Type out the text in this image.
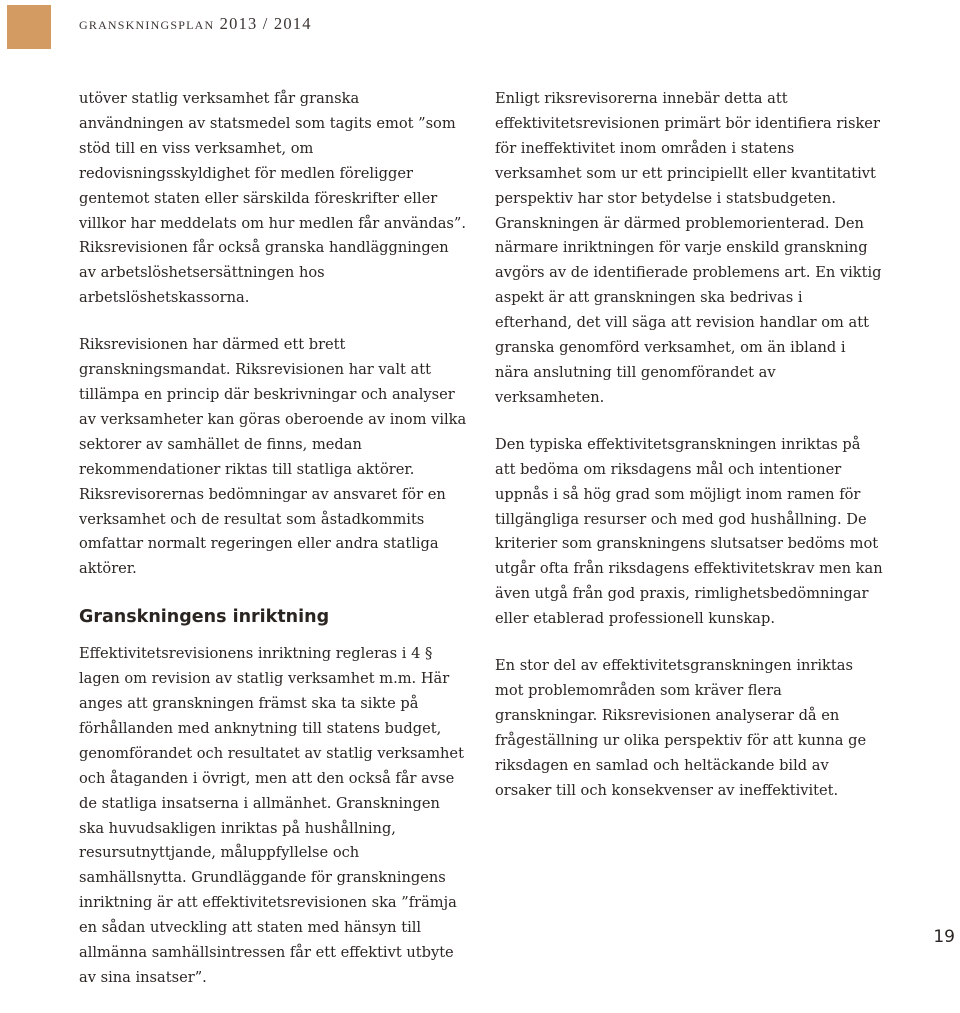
granskningsplan 2013 / 2014

utöver statlig verksamhet får granska användningen av statsmedel som tagits emot ”som stöd till en viss verksamhet, om redovisningsskyldighet för medlen föreligger gentemot staten eller särskilda föreskrifter eller villkor har meddelats om hur medlen får användas”. Riksrevisionen får också granska handläggningen av arbetslöshetsersättningen hos arbetslöshetskassorna.

Riksrevisionen har därmed ett brett granskningsmandat. Riksrevisionen har valt att tillämpa en princip där beskrivningar och analyser av verksamheter kan göras oberoende av inom vilka sektorer av samhället de finns, medan rekommendationer riktas till statliga aktörer. Riksrevisorernas bedömningar av ansvaret för en verksamhet och de resultat som åstadkommits omfattar normalt regeringen eller andra statliga aktörer.

Granskningens inriktning

Effektivitetsrevisionens inriktning regleras i 4 § lagen om revision av statlig verksamhet m.m. Här anges att granskningen främst ska ta sikte på förhållanden med anknytning till statens budget, genomförandet och resultatet av statlig verksamhet och åtaganden i övrigt, men att den också får avse de statliga insatserna i allmänhet. Granskningen ska huvudsakligen inriktas på hushållning, resursutnyttjande, måluppfyllelse och samhällsnytta. Grundläggande för granskningens inriktning är att effektivitetsrevisionen ska ”främja en sådan utveckling att staten med hänsyn till allmänna samhällsintressen får ett effektivt utbyte av sina insatser”.

Enligt riksrevisorerna innebär detta att effektivitetsrevisionen primärt bör identifiera risker för ineffektivitet inom områden i statens verksamhet som ur ett principiellt eller kvantitativt perspektiv har stor betydelse i statsbudgeten. Granskningen är därmed problemorienterad. Den närmare inriktningen för varje enskild granskning avgörs av de identifierade problemens art. En viktig aspekt är att granskningen ska bedrivas i efterhand, det vill säga att revision handlar om att granska genomförd verksamhet, om än ibland i nära anslutning till genomförandet av verksamheten.

Den typiska effektivitetsgranskningen inriktas på att bedöma om riksdagens mål och intentioner uppnås i så hög grad som möjligt inom ramen för tillgängliga resurser och med god hushållning. De kriterier som granskningens slutsatser bedöms mot utgår ofta från riksdagens effektivitetskrav men kan även utgå från god praxis, rimlighetsbedömningar eller etablerad professionell kunskap.

En stor del av effektivitetsgranskningen inriktas mot problemområden som kräver flera granskningar. Riksrevisionen analyserar då en frågeställning ur olika perspektiv för att kunna ge riksdagen en samlad och heltäckande bild av orsaker till och konsekvenser av ineffektivitet.

19
